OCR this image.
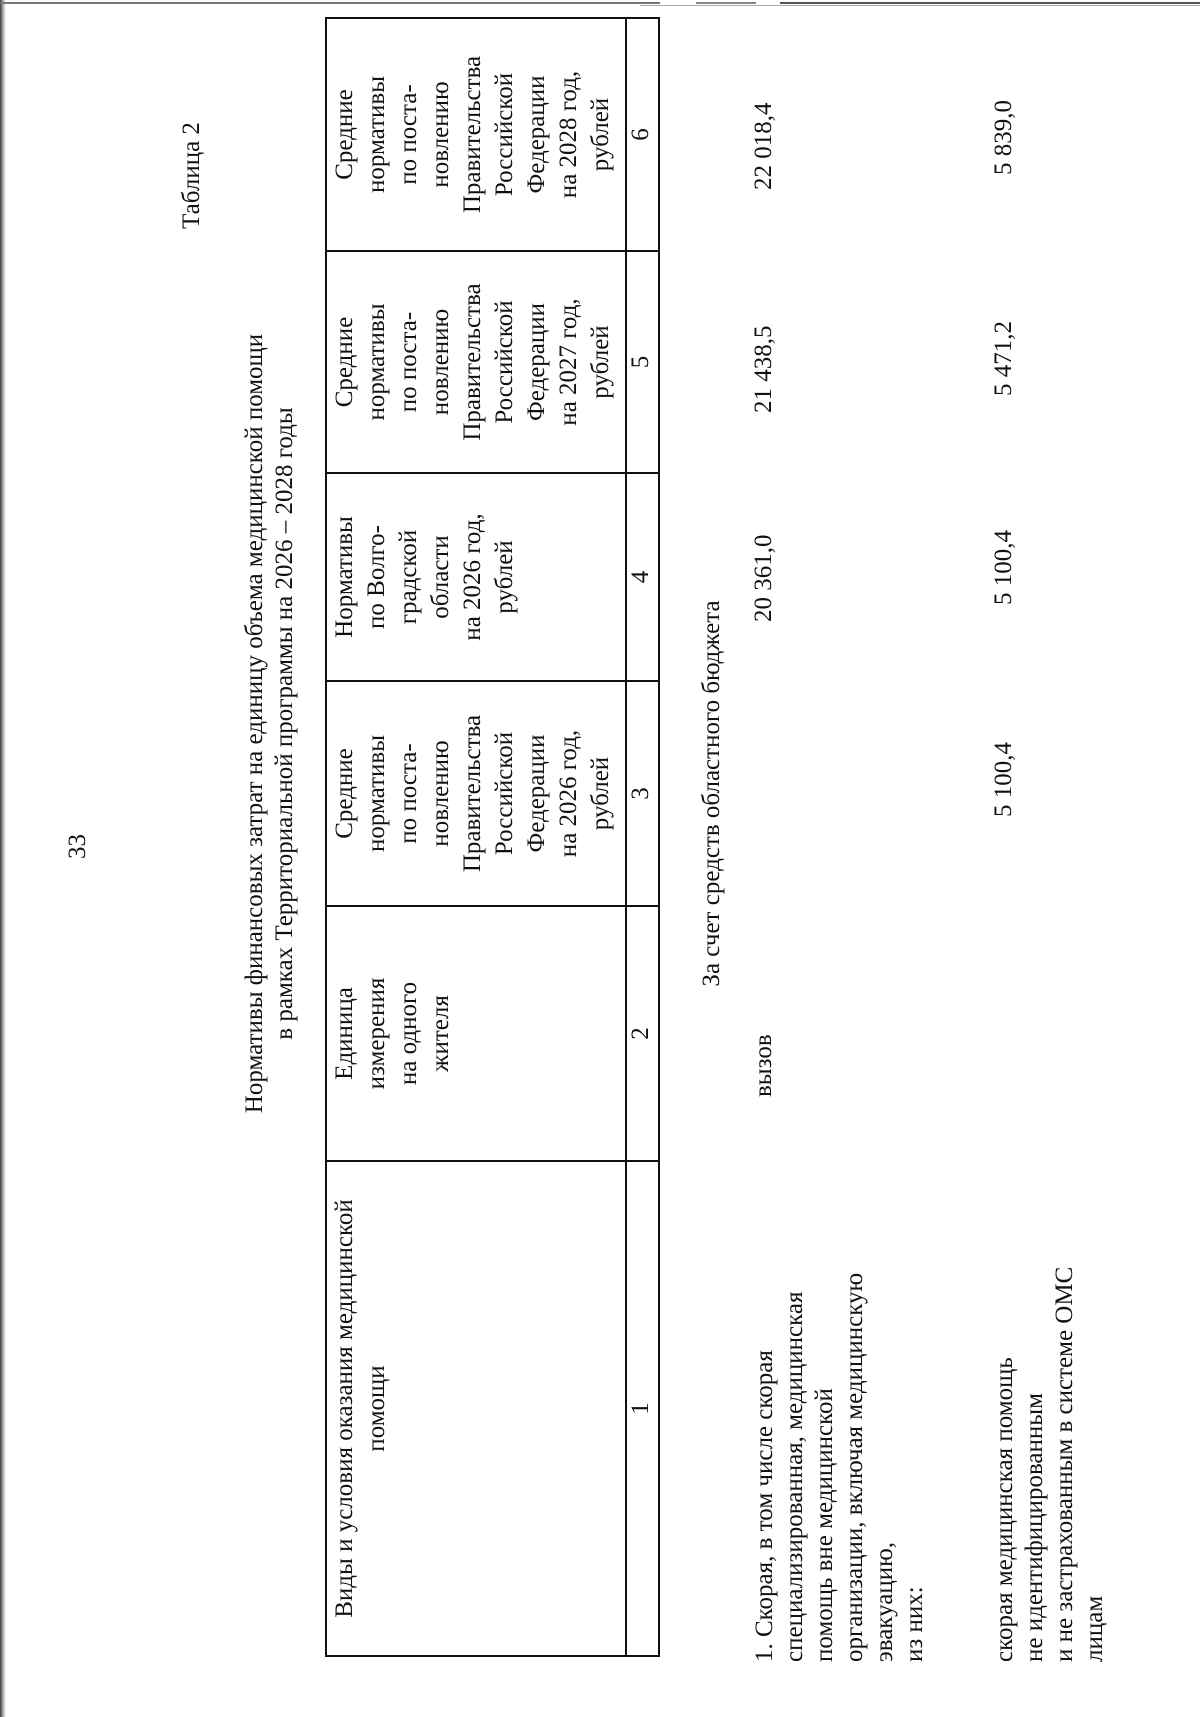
33
Таблица 2
Нормативы финансовых затрат на единицу объема медицинской помощи в рамках Территориальной программы на 2026 – 2028 годы
Виды и условия оказания медицинской помощи
Единица измерения на одного жителя
Средние нормативы по поста- новлению Правительства Российской Федерации на 2026 год, рублей
Нормативы по Волго- градской области на 2026 год, рублей
Средние нормативы по поста- новлению Правительства Российской Федерации на 2027 год, рублей
Средние нормативы по поста- новлению Правительства Российской Федерации на 2028 год, рублей
1
2
3
4
5
6
За счет средств областного бюджета
1. Скорая, в том числе скорая специализированная, медицинская помощь вне медицинской организации, включая медицинскую эвакуацию, из них:
вызов
20 361,0
21 438,5
22 018,4
скорая медицинская помощь не идентифицированным и не застрахованным в системе ОМС лицам
5 100,4
5 100,4
5 471,2
5 839,0
